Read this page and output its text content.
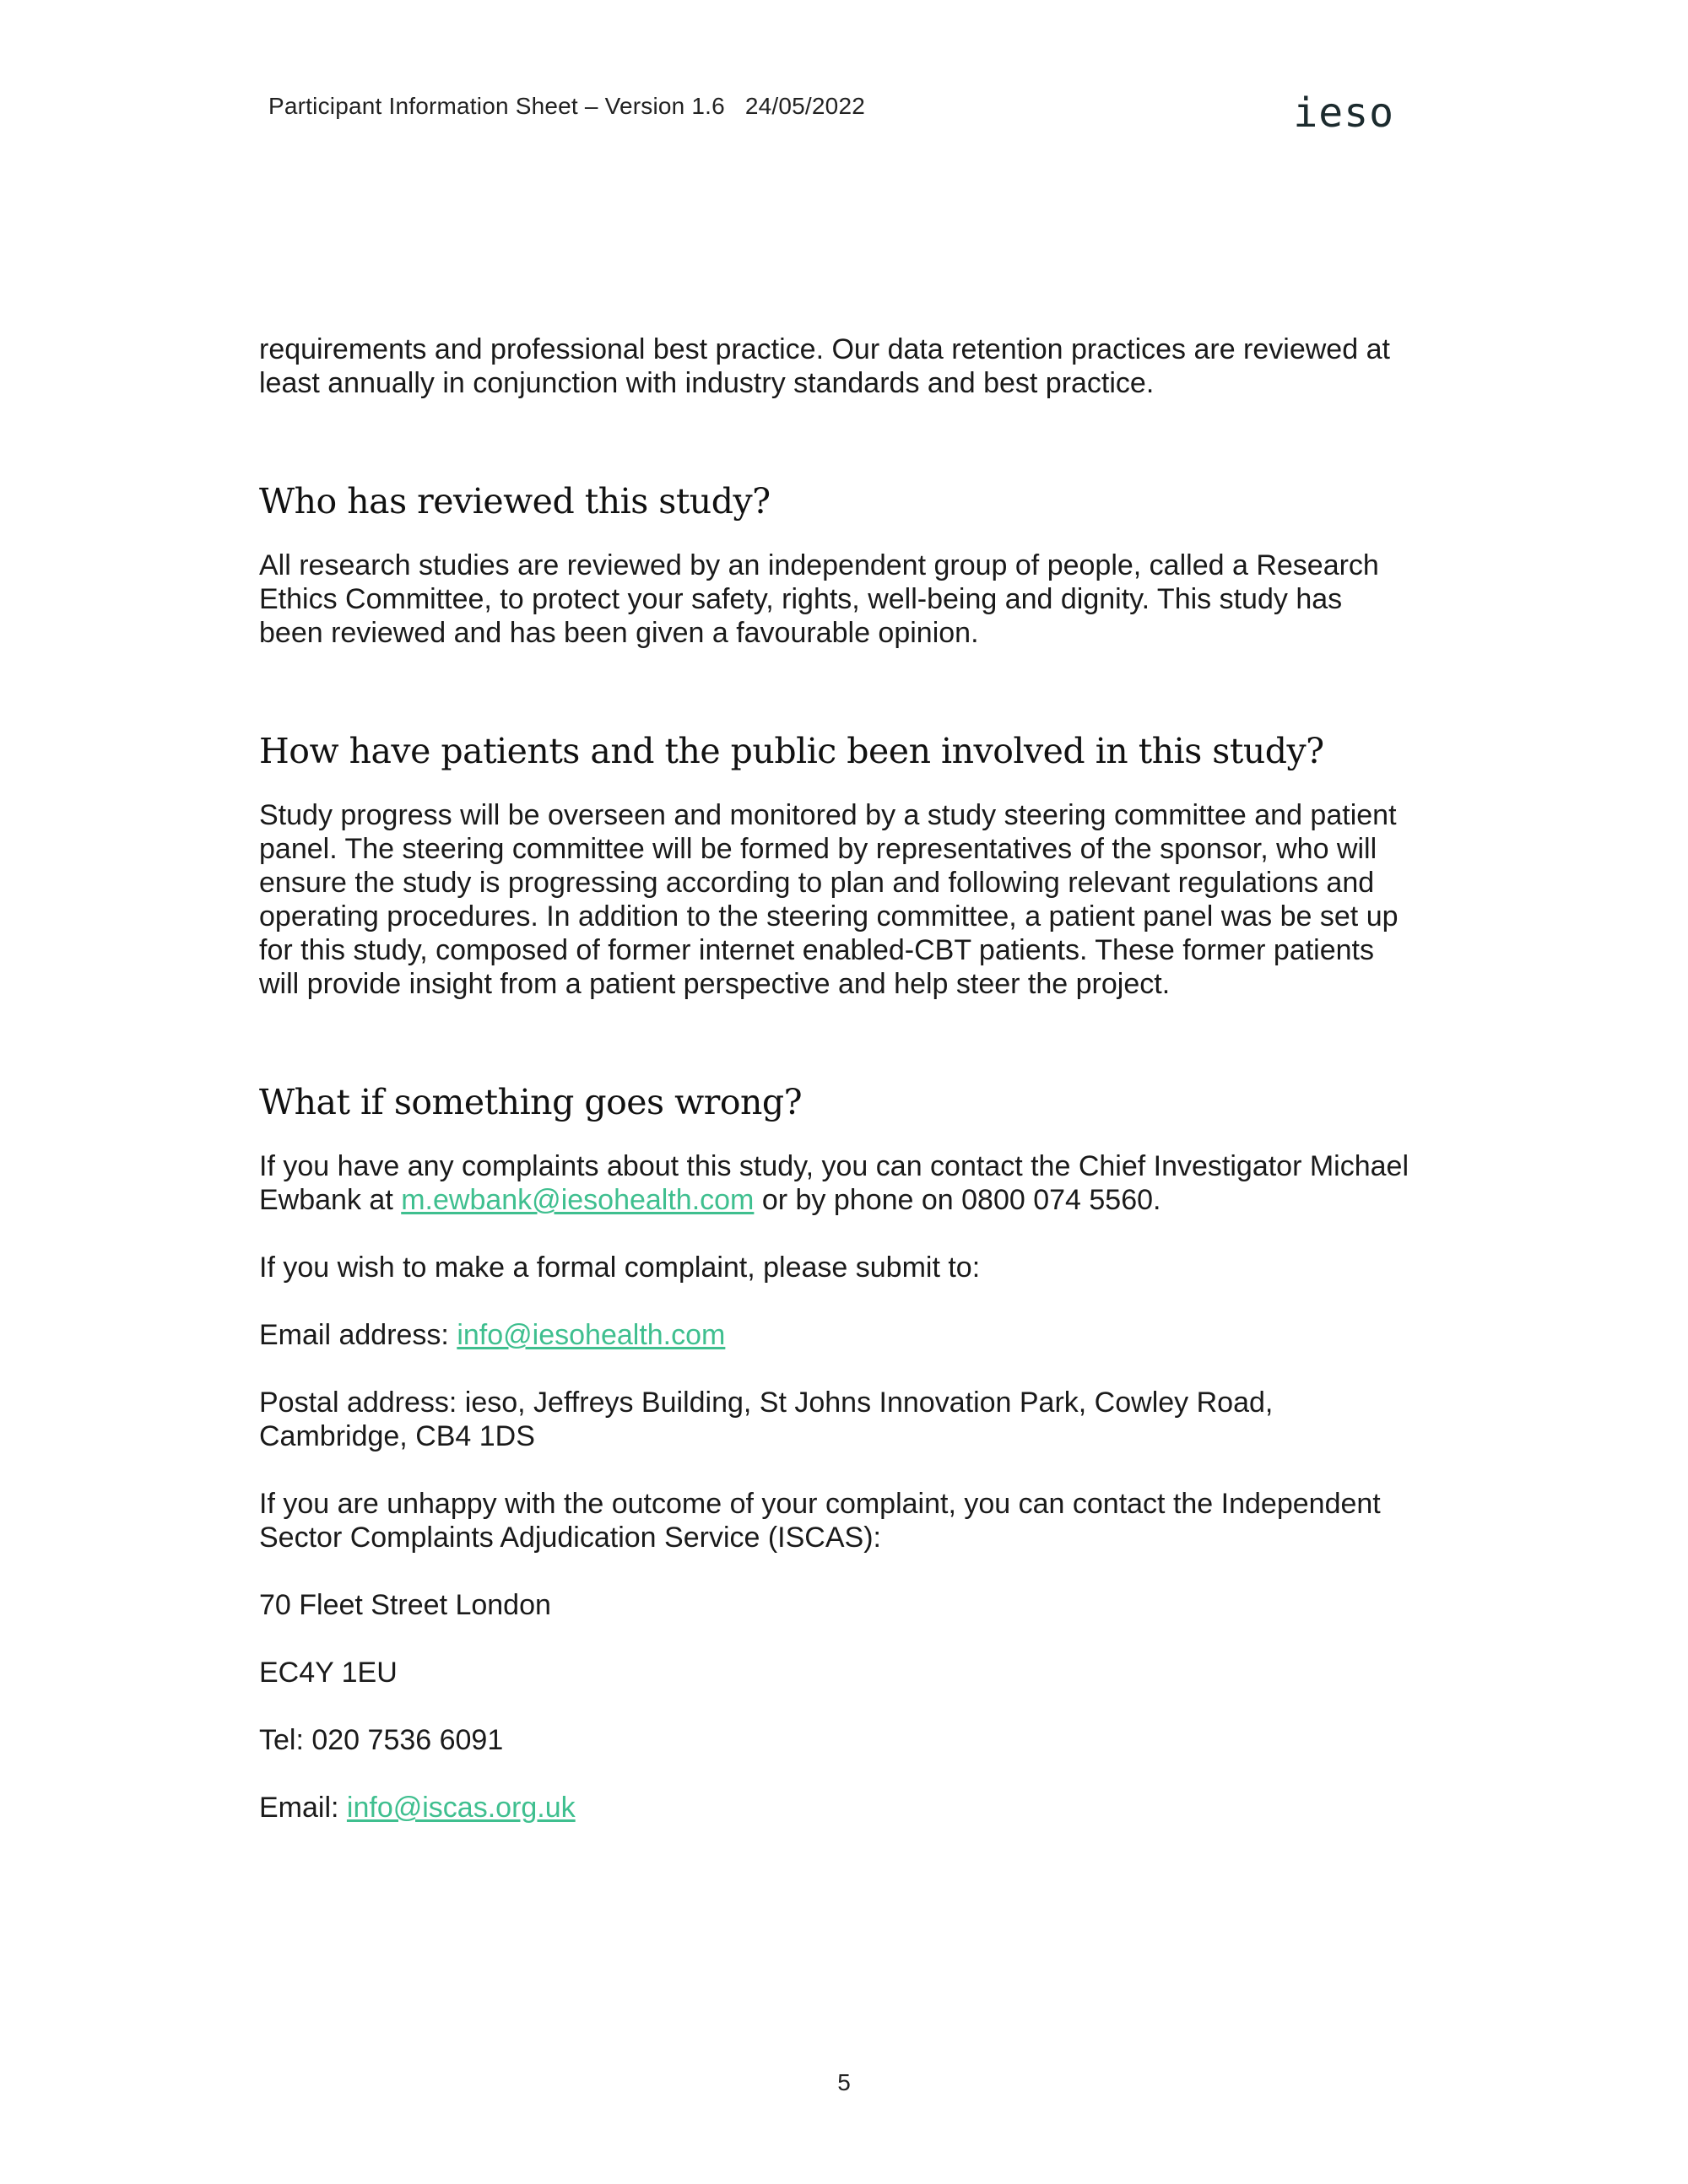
Participant Information Sheet – Version 1.6   24/05/2022	ieso

requirements and professional best practice. Our data retention practices are reviewed at

least annually in conjunction with industry standards and best practice.

Who has reviewed this study?

All research studies are reviewed by an independent group of people, called a Research

Ethics Committee, to protect your safety, rights, well-being and dignity. This study has

been reviewed and has been given a favourable opinion.

How have patients and the public been involved in this study?

Study progress will be overseen and monitored by a study steering committee and patient

panel. The steering committee will be formed by representatives of the sponsor, who will

ensure the study is progressing according to plan and following relevant regulations and

operating procedures. In addition to the steering committee, a patient panel was be set up

for this study, composed of former internet enabled-CBT patients. These former patients

will provide insight from a patient perspective and help steer the project.

What if something goes wrong?

If you have any complaints about this study, you can contact the Chief Investigator Michael

Ewbank at m.ewbank@iesohealth.com or by phone on 0800 074 5560.

If you wish to make a formal complaint, please submit to:

Email address: info@iesohealth.com

Postal address: ieso, Jeffreys Building, St Johns Innovation Park, Cowley Road,

Cambridge, CB4 1DS

If you are unhappy with the outcome of your complaint, you can contact the Independent

Sector Complaints Adjudication Service (ISCAS):

70 Fleet Street London

EC4Y 1EU

Tel: 020 7536 6091

Email: info@iscas.org.uk

5
